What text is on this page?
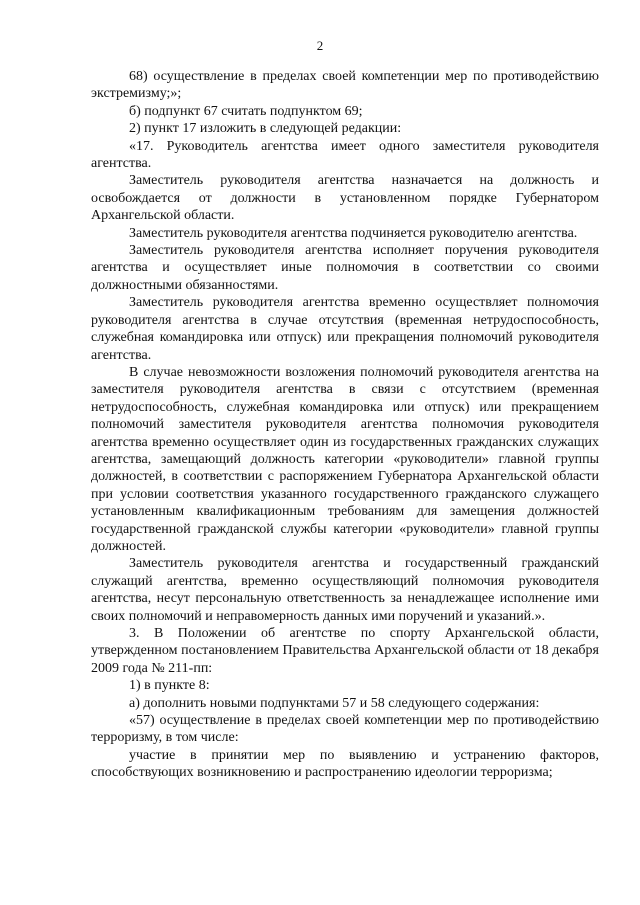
2

68) осуществление в пределах своей компетенции мер по противодействию экстремизму;»;

б) подпункт 67 считать подпунктом 69;

2) пункт 17 изложить в следующей редакции:

«17. Руководитель агентства имеет одного заместителя руководителя агентства.

Заместитель руководителя агентства назначается на должность и освобождается от должности в установленном порядке Губернатором Архангельской области.

Заместитель руководителя агентства подчиняется руководителю агентства.

Заместитель руководителя агентства исполняет поручения руководителя агентства и осуществляет иные полномочия в соответствии со своими должностными обязанностями.

Заместитель руководителя агентства временно осуществляет полномочия руководителя агентства в случае отсутствия (временная нетрудоспособность, служебная командировка или отпуск) или прекращения полномочий руководителя агентства.

В случае невозможности возложения полномочий руководителя агентства на заместителя руководителя агентства в связи с отсутствием (временная нетрудоспособность, служебная командировка или отпуск) или прекращением полномочий заместителя руководителя агентства полномочия руководителя агентства временно осуществляет один из государственных гражданских служащих агентства, замещающий должность категории «руководители» главной группы должностей, в соответствии с распоряжением Губернатора Архангельской области при условии соответствия указанного государственного гражданского служащего установленным квалификационным требованиям для замещения должностей государственной гражданской службы категории «руководители» главной группы должностей.

Заместитель руководителя агентства и государственный гражданский служащий агентства, временно осуществляющий полномочия руководителя агентства, несут персональную ответственность за ненадлежащее исполнение ими своих полномочий и неправомерность данных ими поручений и указаний.».

3. В Положении об агентстве по спорту Архангельской области, утвержденном постановлением Правительства Архангельской области от 18 декабря 2009 года № 211-пп:

1) в пункте 8:

а) дополнить новыми подпунктами 57 и 58 следующего содержания:

«57) осуществление в пределах своей компетенции мер по противодействию терроризму, в том числе:

участие в принятии мер по выявлению и устранению факторов, способствующих возникновению и распространению идеологии терроризма;
